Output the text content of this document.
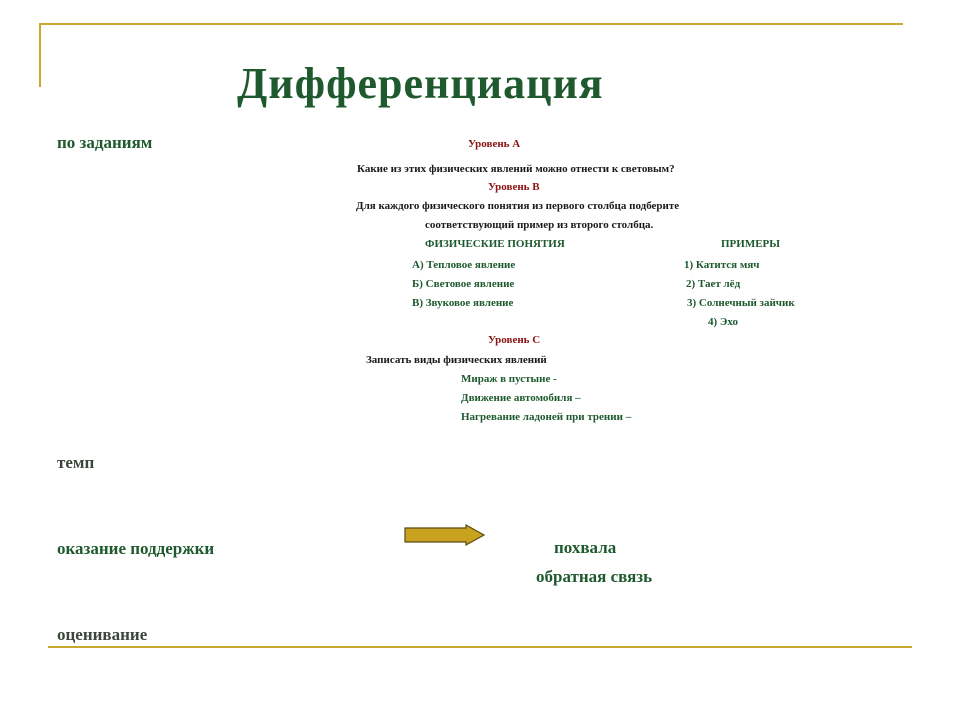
Дифференциация
по заданиям
темп
оказание поддержки
оценивание
Уровень А
Какие из этих физических явлений можно отнести к световым?
Уровень В
Для каждого физического понятия из первого столбца подберите
соответствующий пример из второго столбца.
ФИЗИЧЕСКИЕ ПОНЯТИЯ	ПРИМЕРЫ
А) Тепловое явление
Б) Световое явление
В) Звуковое явление
1) Катится мяч
2) Тает лёд
3) Солнечный зайчик
4) Эхо
Уровень С
Записать виды физических явлений
Мираж в пустыне -
Движение автомобиля –
Нагревание ладоней при трении –
похвала
обратная связь
